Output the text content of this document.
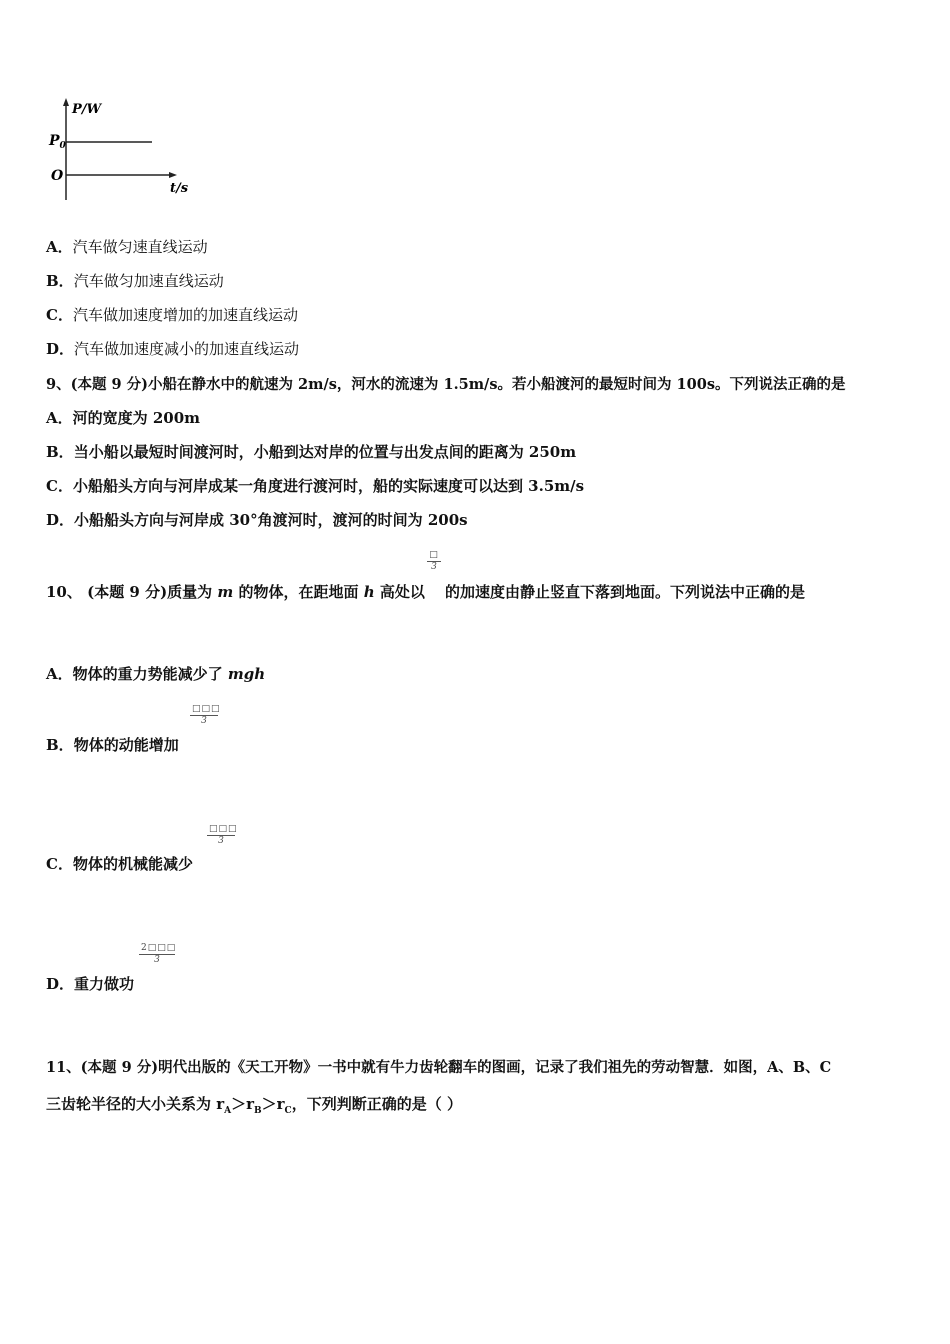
P/W
$P_0$
O
t/s
A．汽车做匀速直线运动
B．汽车做匀加速直线运动
C．汽车做加速度增加的加速直线运动
D．汽车做加速度减小的加速直线运动
9、(本题 9 分)小船在静水中的航速为 2m/s，河水的流速为 1.5m/s。若小船渡河的最短时间为 100s。下列说法正确的是
A．河的宽度为 200m
B．当小船以最短时间渡河时，小船到达对岸的位置与出发点间的距离为 250m
C．小船船头方向与河岸成某一角度进行渡河时，船的实际速度可以达到 3.5m/s
D．小船船头方向与河岸成 30°角渡河时，渡河的时间为 200s
10、 (本题 9 分)质量为 m 的物体，在距地面 h 高处以
□
3
的加速度由静止竖直下落到地面。下列说法中正确的是
A．物体的重力势能减少了 mgh
B．物体的动能增加
□□□
3
C．物体的机械能减少
□□□
3
D．重力做功
$\frac{2□□□}{3}$
11、(本题 9 分)明代出版的《天工开物》一书中就有牛力齿轮翻车的图画，记录了我们祖先的劳动智慧．如图，A、B、C
三齿轮半径的大小关系为 $r_A>r_B>r_C$，下列判断正确的是（ ）
